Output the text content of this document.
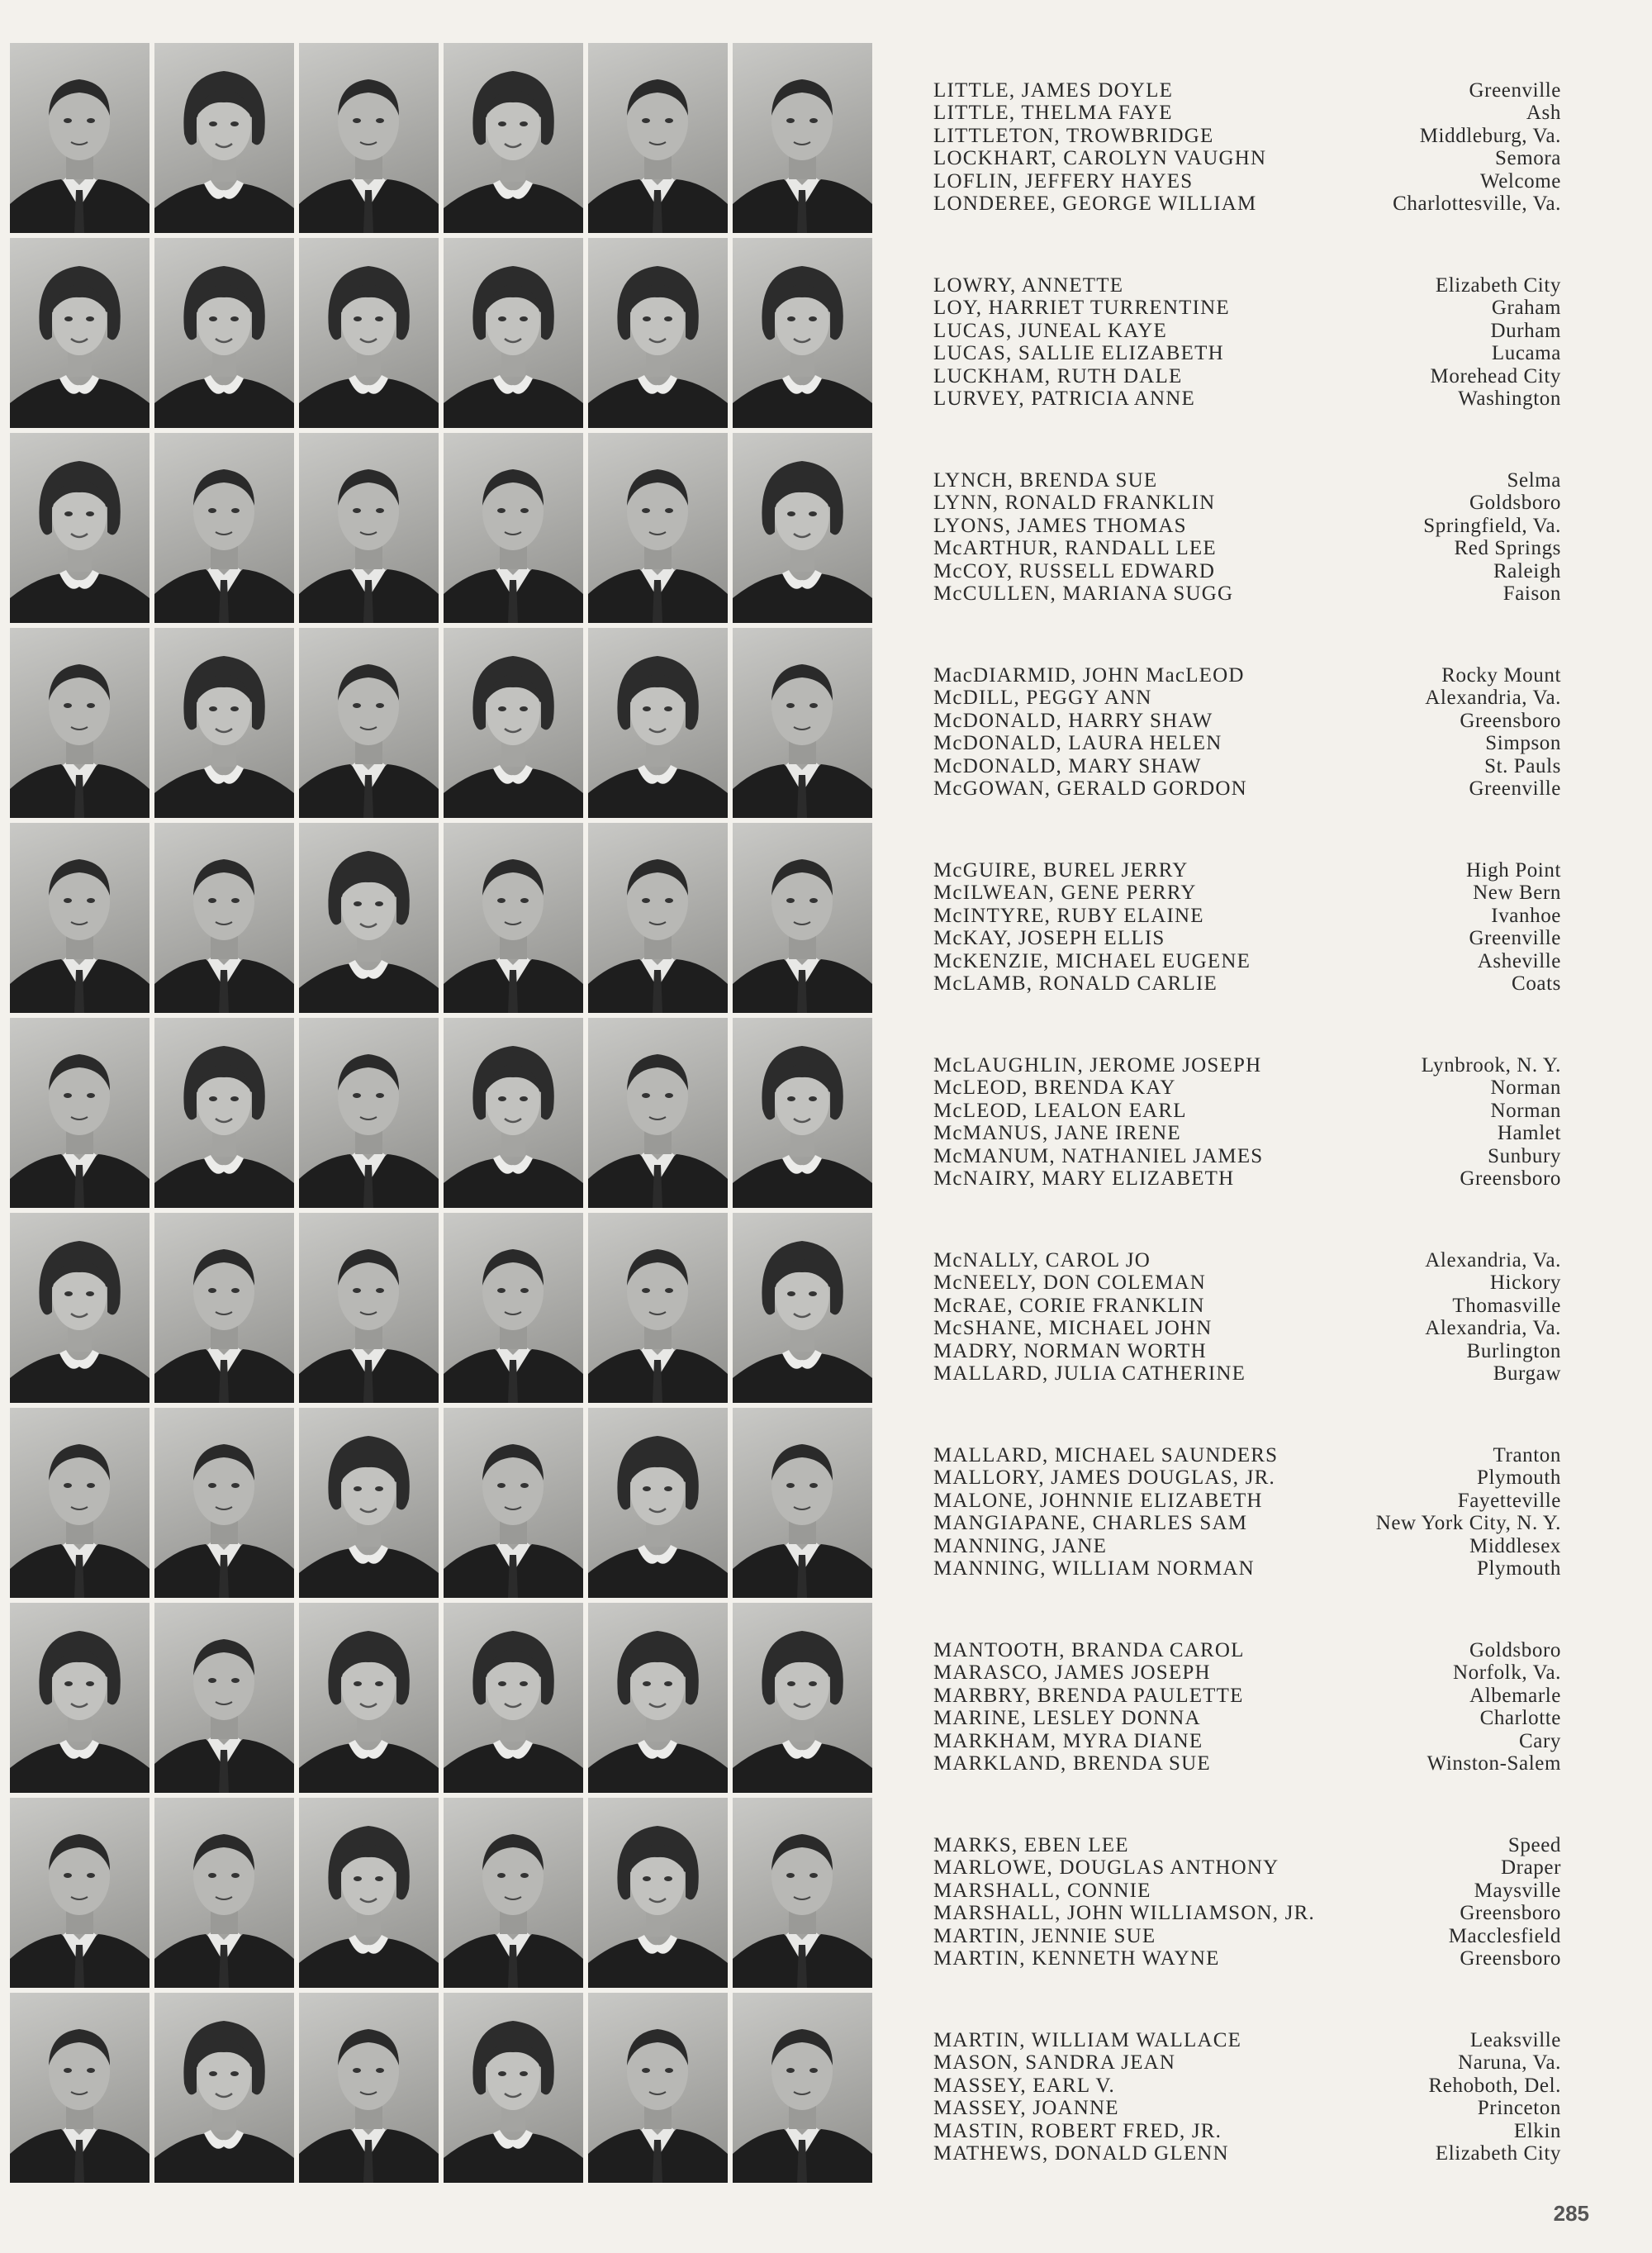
LITTLE, JAMES DOYLE	Greenville
LITTLE, THELMA FAYE	Ash
LITTLETON, TROWBRIDGE	Middleburg, Va.
LOCKHART, CAROLYN VAUGHN	Semora
LOFLIN, JEFFERY HAYES	Welcome
LONDEREE, GEORGE WILLIAM	Charlottesville, Va.
LOWRY, ANNETTE	Elizabeth City
LOY, HARRIET TURRENTINE	Graham
LUCAS, JUNEAL KAYE	Durham
LUCAS, SALLIE ELIZABETH	Lucama
LUCKHAM, RUTH DALE	Morehead City
LURVEY, PATRICIA ANNE	Washington
LYNCH, BRENDA SUE	Selma
LYNN, RONALD FRANKLIN	Goldsboro
LYONS, JAMES THOMAS	Springfield, Va.
McARTHUR, RANDALL LEE	Red Springs
McCOY, RUSSELL EDWARD	Raleigh
McCULLEN, MARIANA SUGG	Faison
MacDIARMID, JOHN MacLEOD	Rocky Mount
McDILL, PEGGY ANN	Alexandria, Va.
McDONALD, HARRY SHAW	Greensboro
McDONALD, LAURA HELEN	Simpson
McDONALD, MARY SHAW	St. Pauls
McGOWAN, GERALD GORDON	Greenville
McGUIRE, BUREL JERRY	High Point
McILWEAN, GENE PERRY	New Bern
McINTYRE, RUBY ELAINE	Ivanhoe
McKAY, JOSEPH ELLIS	Greenville
McKENZIE, MICHAEL EUGENE	Asheville
McLAMB, RONALD CARLIE	Coats
McLAUGHLIN, JEROME JOSEPH	Lynbrook, N. Y.
McLEOD, BRENDA KAY	Norman
McLEOD, LEALON EARL	Norman
McMANUS, JANE IRENE	Hamlet
McMANUM, NATHANIEL JAMES	Sunbury
McNAIRY, MARY ELIZABETH	Greensboro
McNALLY, CAROL JO	Alexandria, Va.
McNEELY, DON COLEMAN	Hickory
McRAE, CORIE FRANKLIN	Thomasville
McSHANE, MICHAEL JOHN	Alexandria, Va.
MADRY, NORMAN WORTH	Burlington
MALLARD, JULIA CATHERINE	Burgaw
MALLARD, MICHAEL SAUNDERS	Tranton
MALLORY, JAMES DOUGLAS, JR.	Plymouth
MALONE, JOHNNIE ELIZABETH	Fayetteville
MANGIAPANE, CHARLES SAM	New York City, N. Y.
MANNING, JANE	Middlesex
MANNING, WILLIAM NORMAN	Plymouth
MANTOOTH, BRANDA CAROL	Goldsboro
MARASCO, JAMES JOSEPH	Norfolk, Va.
MARBRY, BRENDA PAULETTE	Albemarle
MARINE, LESLEY DONNA	Charlotte
MARKHAM, MYRA DIANE	Cary
MARKLAND, BRENDA SUE	Winston-Salem
MARKS, EBEN LEE	Speed
MARLOWE, DOUGLAS ANTHONY	Draper
MARSHALL, CONNIE	Maysville
MARSHALL, JOHN WILLIAMSON, JR.	Greensboro
MARTIN, JENNIE SUE	Macclesfield
MARTIN, KENNETH WAYNE	Greensboro
MARTIN, WILLIAM WALLACE	Leaksville
MASON, SANDRA JEAN	Naruna, Va.
MASSEY, EARL V.	Rehoboth, Del.
MASSEY, JOANNE	Princeton
MASTIN, ROBERT FRED, JR.	Elkin
MATHEWS, DONALD GLENN	Elizabeth City
285
